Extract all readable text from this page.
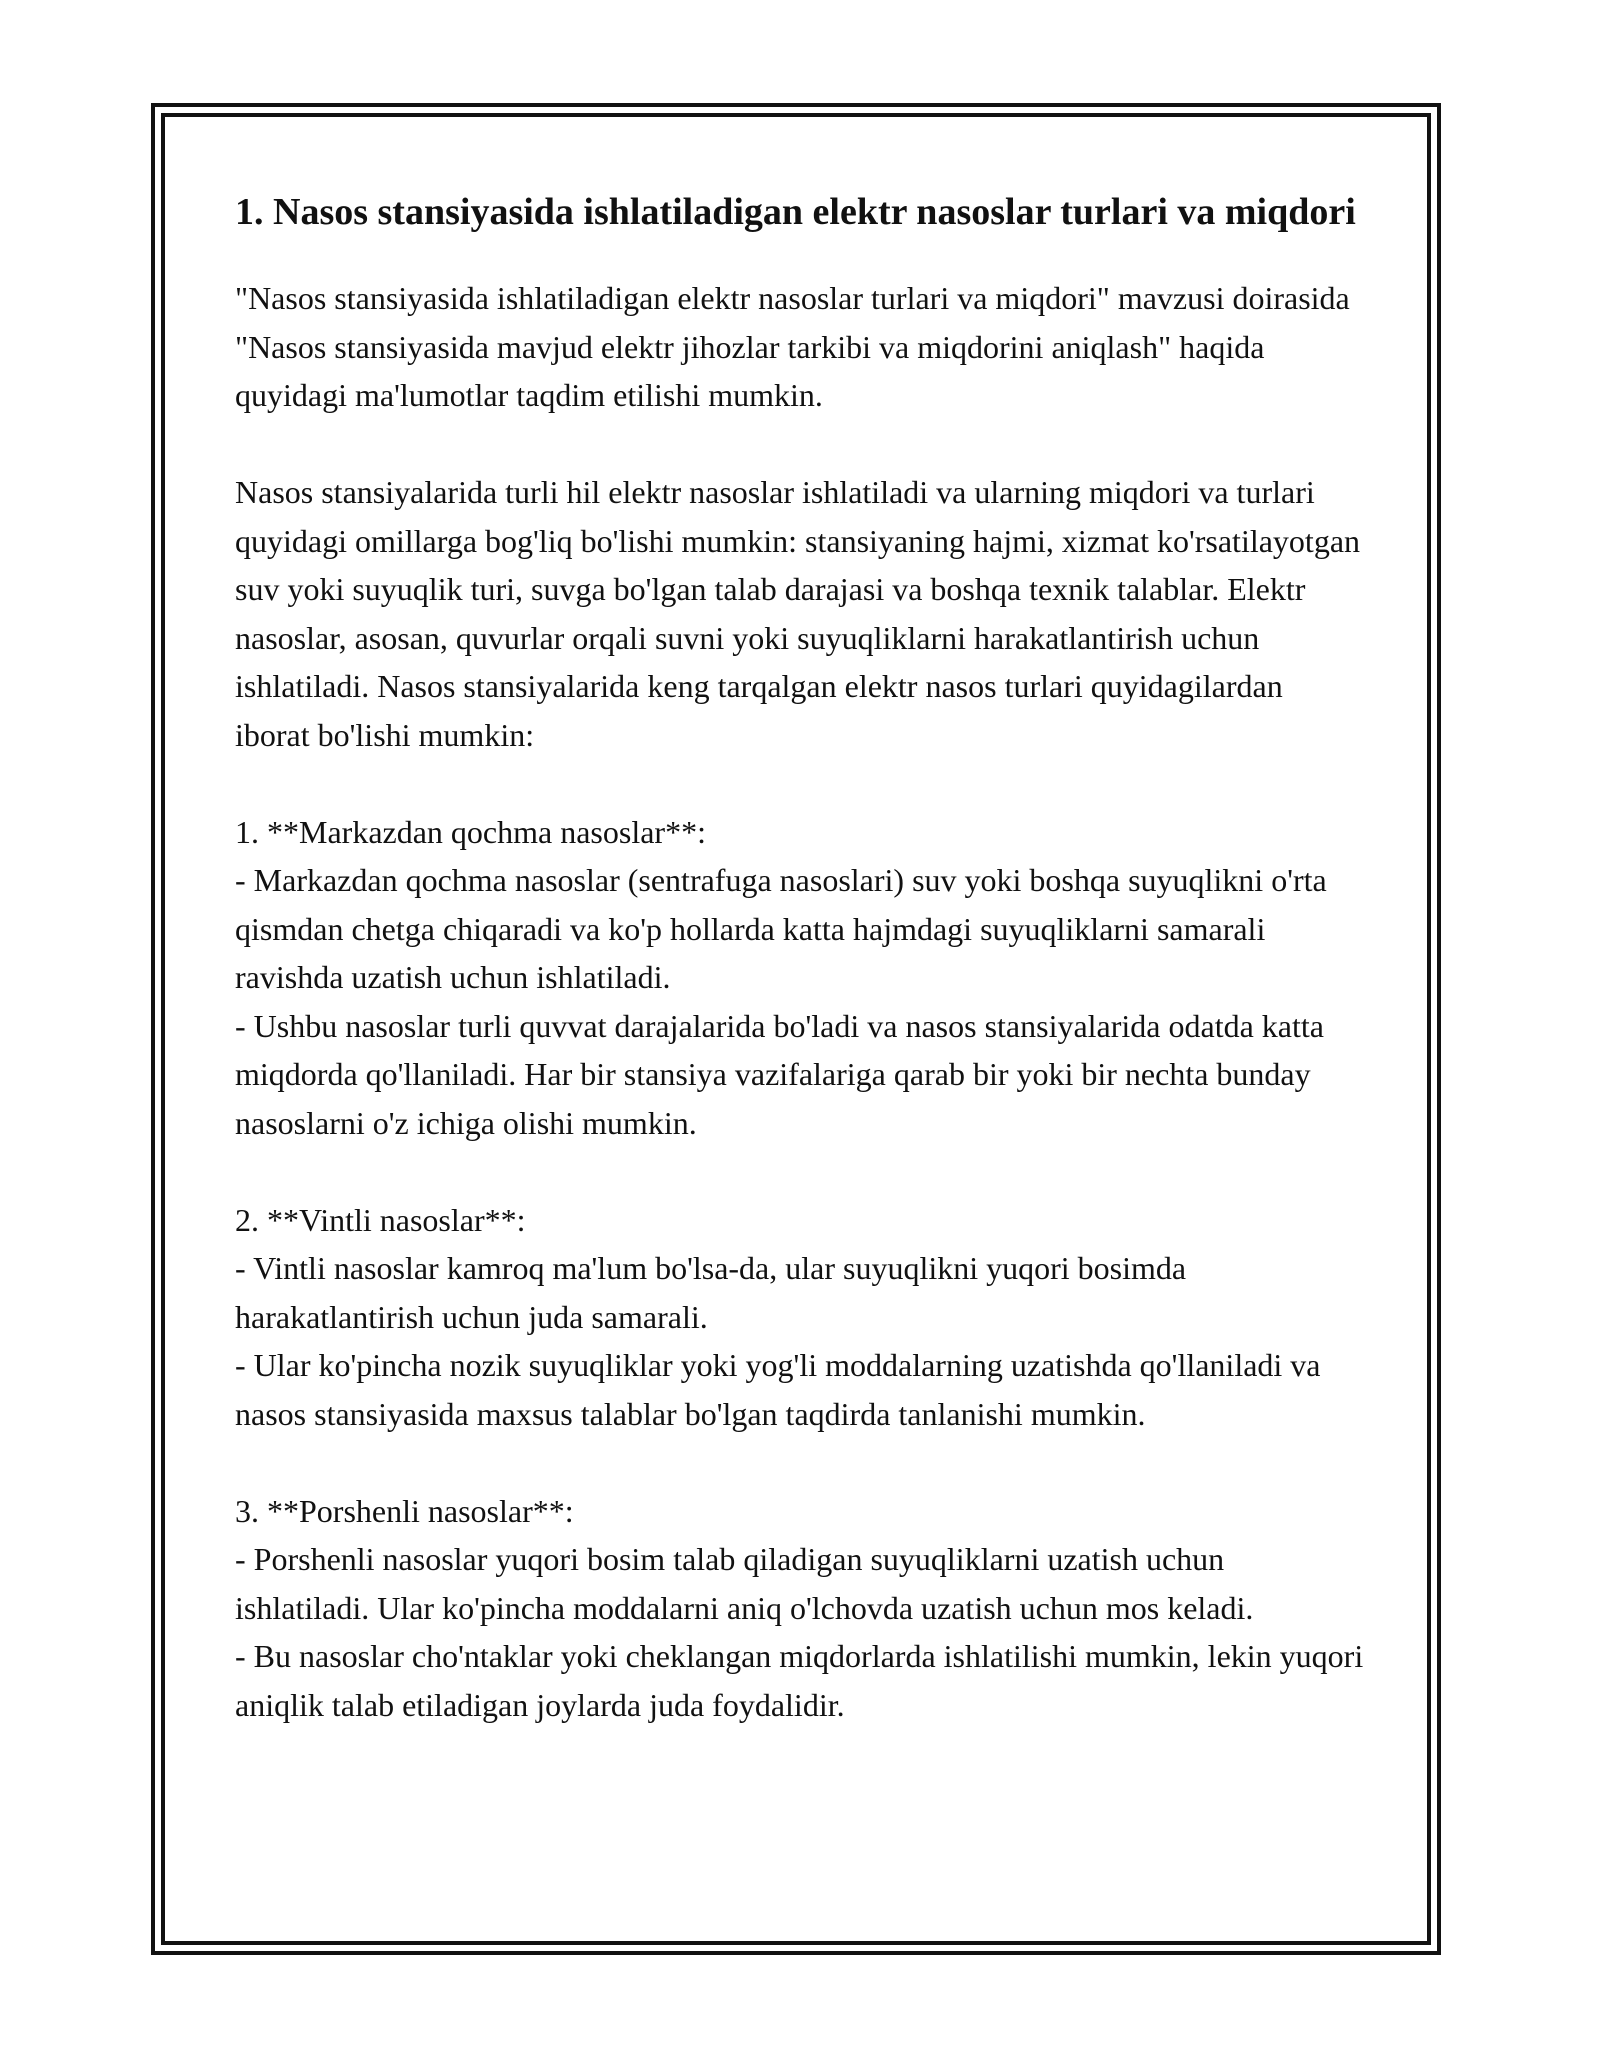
1. Nasos stansiyasida ishlatiladigan elektr nasoslar turlari va miqdori

"Nasos stansiyasida ishlatiladigan elektr nasoslar turlari va miqdori" mavzusi doirasida "Nasos stansiyasida mavjud elektr jihozlar tarkibi va miqdorini aniqlash" haqida quyidagi ma'lumotlar taqdim etilishi mumkin.

Nasos stansiyalarida turli hil elektr nasoslar ishlatiladi va ularning miqdori va turlari quyidagi omillarga bog'liq bo'lishi mumkin: stansiyaning hajmi, xizmat ko'rsatilayotgan suv yoki suyuqlik turi, suvga bo'lgan talab darajasi va boshqa texnik talablar. Elektr nasoslar, asosan, quvurlar orqali suvni yoki suyuqliklarni harakatlantirish uchun ishlatiladi. Nasos stansiyalarida keng tarqalgan elektr nasos turlari quyidagilardan iborat bo'lishi mumkin:

1. **Markazdan qochma nasoslar**:
- Markazdan qochma nasoslar (sentrafuga nasoslari) suv yoki boshqa suyuqlikni o'rta qismdan chetga chiqaradi va ko'p hollarda katta hajmdagi suyuqliklarni samarali ravishda uzatish uchun ishlatiladi.
- Ushbu nasoslar turli quvvat darajalarida bo'ladi va nasos stansiyalarida odatda katta miqdorda qo'llaniladi. Har bir stansiya vazifalariga qarab bir yoki bir nechta bunday nasoslarni o'z ichiga olishi mumkin.

2. **Vintli nasoslar**:
- Vintli nasoslar kamroq ma'lum bo'lsa-da, ular suyuqlikni yuqori bosimda harakatlantirish uchun juda samarali.
- Ular ko'pincha nozik suyuqliklar yoki yog'li moddalarning uzatishda qo'llaniladi va nasos stansiyasida maxsus talablar bo'lgan taqdirda tanlanishi mumkin.

3. **Porshenli nasoslar**:
- Porshenli nasoslar yuqori bosim talab qiladigan suyuqliklarni uzatish uchun ishlatiladi. Ular ko'pincha moddalarni aniq o'lchovda uzatish uchun mos keladi.
- Bu nasoslar cho'ntaklar yoki cheklangan miqdorlarda ishlatilishi mumkin, lekin yuqori aniqlik talab etiladigan joylarda juda foydalidir.
